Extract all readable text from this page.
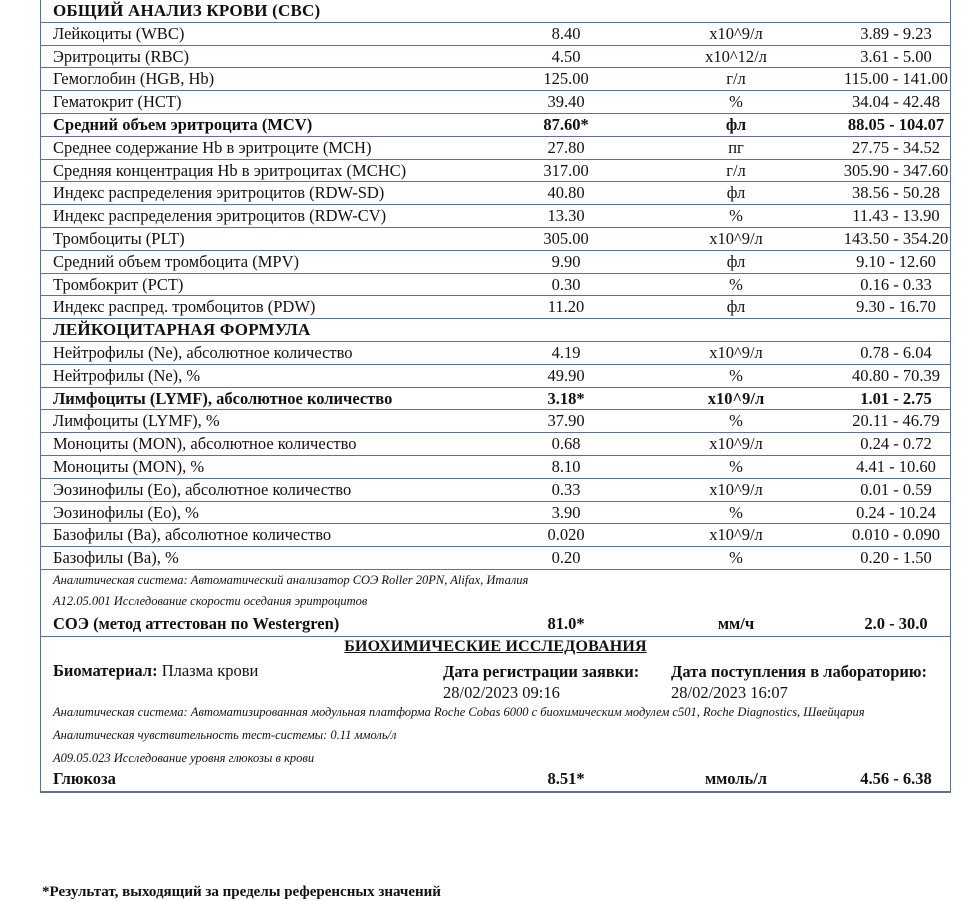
ОБЩИЙ АНАЛИЗ КРОВИ (CBC)
Лейкоциты (WBC)	8.40	x10^9/л	3.89 - 9.23
Эритроциты (RBC)	4.50	x10^12/л	3.61 - 5.00
Гемоглобин (HGB, Hb)	125.00	г/л	115.00 - 141.00
Гематокрит (HCT)	39.40	%	34.04 - 42.48
Средний объем эритроцита (MCV)	87.60*	фл	88.05 - 104.07
Среднее содержание Hb в эритроците (MCH)	27.80	пг	27.75 - 34.52
Средняя концентрация Hb в эритроцитах (MCHC)	317.00	г/л	305.90 - 347.60
Индекс распределения эритроцитов (RDW-SD)	40.80	фл	38.56 - 50.28
Индекс распределения эритроцитов (RDW-CV)	13.30	%	11.43 - 13.90
Тромбоциты (PLT)	305.00	x10^9/л	143.50 - 354.20
Средний объем тромбоцита (MPV)	9.90	фл	9.10 - 12.60
Тромбокрит (PCT)	0.30	%	0.16 - 0.33
Индекс распред. тромбоцитов (PDW)	11.20	фл	9.30 - 16.70
ЛЕЙКОЦИТАРНАЯ ФОРМУЛА
Нейтрофилы (Ne), абсолютное количество	4.19	x10^9/л	0.78 - 6.04
Нейтрофилы (Ne), %	49.90	%	40.80 - 70.39
Лимфоциты (LYMF), абсолютное количество	3.18*	x10^9/л	1.01 - 2.75
Лимфоциты (LYMF), %	37.90	%	20.11 - 46.79
Моноциты (MON), абсолютное количество	0.68	x10^9/л	0.24 - 0.72
Моноциты (MON), %	8.10	%	4.41 - 10.60
Эозинофилы (Eo), абсолютное количество	0.33	x10^9/л	0.01 - 0.59
Эозинофилы (Eo), %	3.90	%	0.24 - 10.24
Базофилы (Ba), абсолютное количество	0.020	x10^9/л	0.010 - 0.090
Базофилы (Ba), %	0.20	%	0.20 - 1.50
Аналитическая система: Автоматический анализатор СОЭ Roller 20PN, Alifax, Италия
A12.05.001 Исследование скорости оседания эритроцитов
СОЭ (метод аттестован по Westergren)	81.0*	мм/ч	2.0 - 30.0
БИОХИМИЧЕСКИЕ ИССЛЕДОВАНИЯ
Биоматериал: Плазма крови	Дата регистрации заявки:
28/02/2023 09:16
Дата поступления в лабораторию:
28/02/2023 16:07
Аналитическая система: Автоматизированная модульная платформа Roche Cobas 6000 с биохимическим модулем c501, Roche Diagnostics, Швейцария
Аналитическая чувствительность тест-системы: 0.11 ммоль/л
A09.05.023 Исследование уровня глюкозы в крови
Глюкоза	8.51*	ммоль/л	4.56 - 6.38
*Результат, выходящий за пределы референсных значений
